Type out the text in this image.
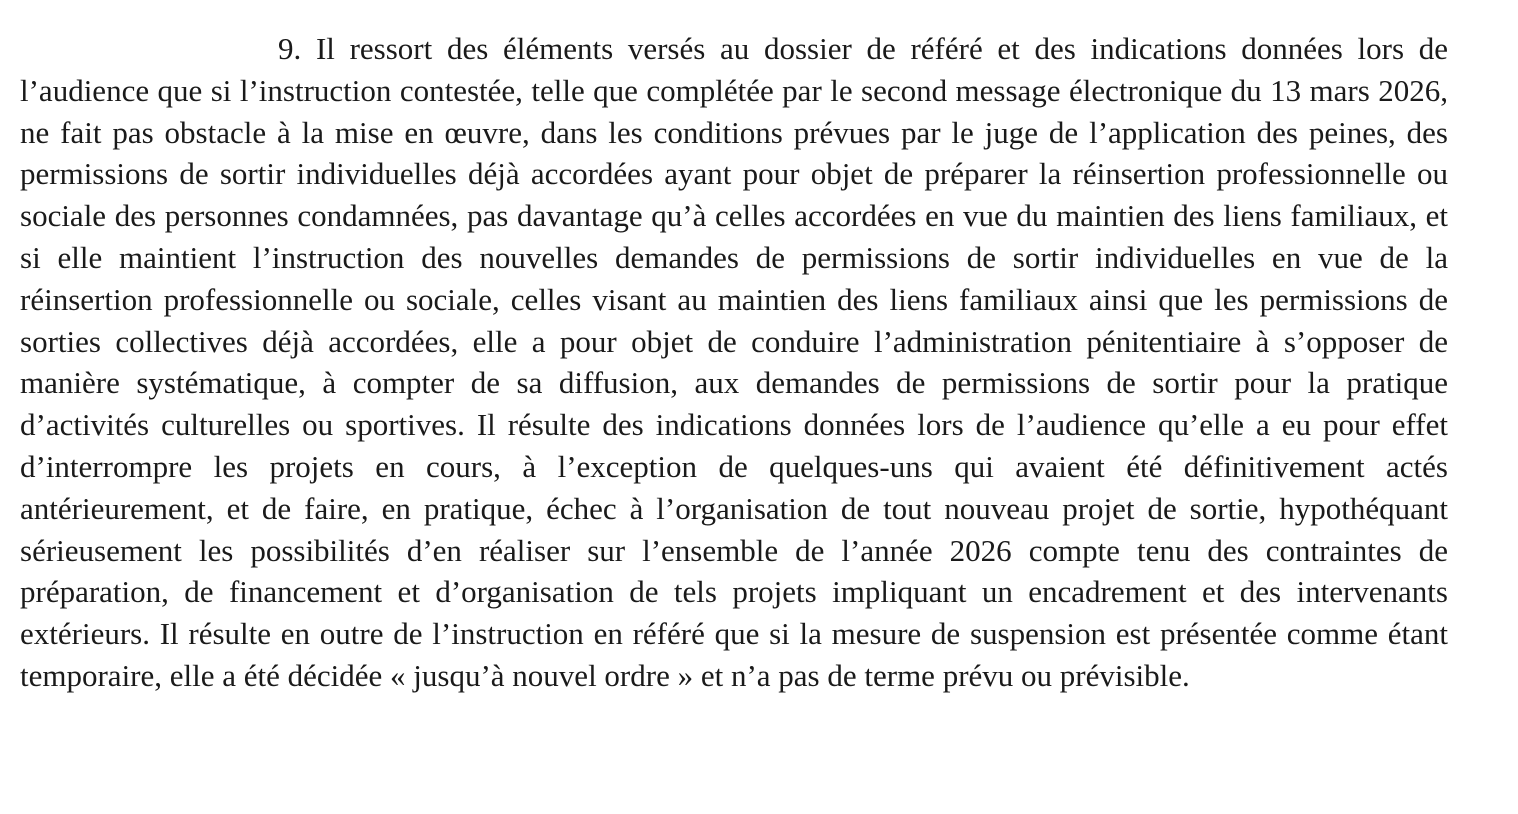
9. Il ressort des éléments versés au dossier de référé et des indications données lors de l’audience que si l’instruction contestée, telle que complétée par le second message électronique du 13 mars 2026, ne fait pas obstacle à la mise en œuvre, dans les conditions prévues par le juge de l’application des peines, des permissions de sortir individuelles déjà accordées ayant pour objet de préparer la réinsertion professionnelle ou sociale des personnes condamnées, pas davantage qu’à celles accordées en vue du maintien des liens familiaux, et si elle maintient l’instruction des nouvelles demandes de permissions de sortir individuelles en vue de la réinsertion professionnelle ou sociale, celles visant au maintien des liens familiaux ainsi que les permissions de sorties collectives déjà accordées, elle a pour objet de conduire l’administration pénitentiaire à s’opposer de manière systématique, à compter de sa diffusion, aux demandes de permissions de sortir pour la pratique d’activités culturelles ou sportives. Il résulte des indications données lors de l’audience qu’elle a eu pour effet d’interrompre les projets en cours, à l’exception de quelques-uns qui avaient été définitivement actés antérieurement, et de faire, en pratique, échec à l’organisation de tout nouveau projet de sortie, hypothéquant sérieusement les possibilités d’en réaliser sur l’ensemble de l’année 2026 compte tenu des contraintes de préparation, de financement et d’organisation de tels projets impliquant un encadrement et des intervenants extérieurs. Il résulte en outre de l’instruction en référé que si la mesure de suspension est présentée comme étant temporaire, elle a été décidée « jusqu’à nouvel ordre » et n’a pas de terme prévu ou prévisible.
